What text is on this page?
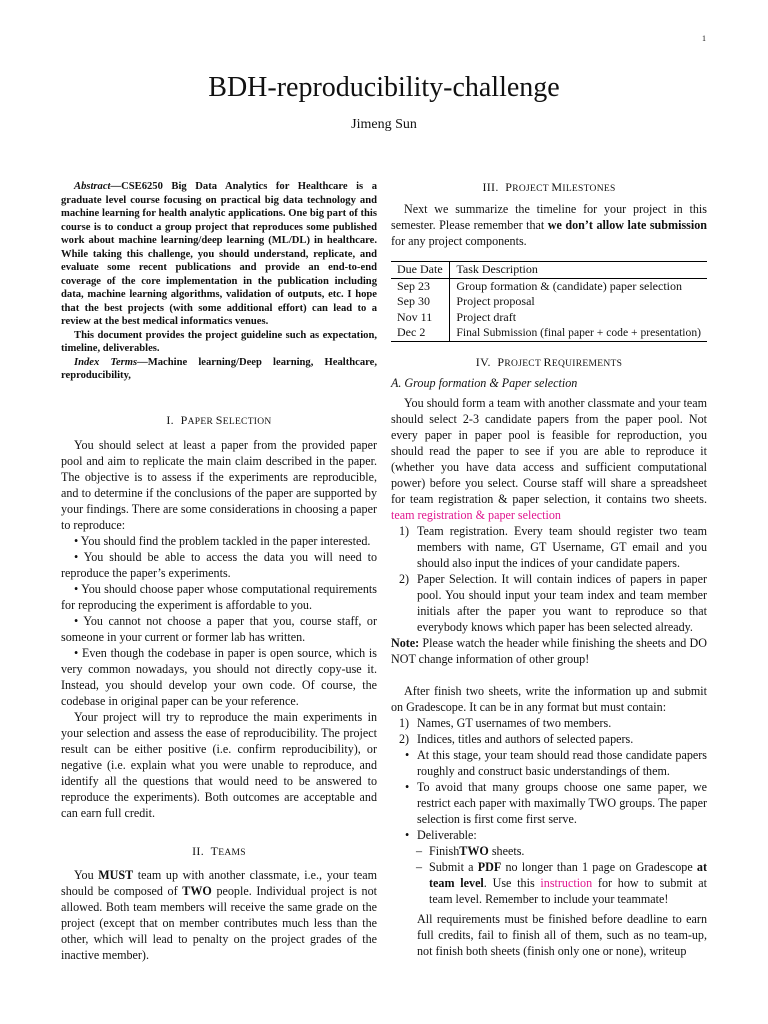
1
BDH-reproducibility-challenge
Jimeng Sun

Abstract—CSE6250 Big Data Analytics for Healthcare is a graduate level course focusing on practical big data technology and machine learning for health analytic applications. One big part of this course is to conduct a group project that reproduces some published work about machine learning/deep learning (ML/DL) in healthcare. While taking this challenge, you should understand, replicate, and evaluate some recent publications and provide an end-to-end coverage of the core implementation in the publication including data, machine learning algorithms, validation of outputs, etc. I hope that the best projects (with some additional effort) can lead to a review at the best medical informatics venues.

This document provides the project guideline such as expectation, timeline, deliverables.

Index Terms—Machine learning/Deep learning, Healthcare, reproducibility,

I. PAPER SELECTION

You should select at least a paper from the provided paper pool and aim to replicate the main claim described in the paper. The objective is to assess if the experiments are reproducible, and to determine if the conclusions of the paper are supported by your findings. There are some considerations in choosing a paper to reproduce:

• You should find the problem tackled in the paper interested.

• You should be able to access the data you will need to reproduce the paper’s experiments.

• You should choose paper whose computational requirements for reproducing the experiment is affordable to you.

• You cannot not choose a paper that you, course staff, or someone in your current or former lab has written.

• Even though the codebase in paper is open source, which is very common nowadays, you should not directly copy-use it. Instead, you should develop your own code. Of course, the codebase in original paper can be your reference.

Your project will try to reproduce the main experiments in your selection and assess the ease of reproducibility. The project result can be either positive (i.e. confirm reproducibility), or negative (i.e. explain what you were unable to reproduce, and identify all the questions that would need to be answered to reproduce the experiments). Both outcomes are acceptable and can earn full credit.

II. TEAMS

You MUST team up with another classmate, i.e., your team should be composed of TWO people. Individual project is not allowed. Both team members will receive the same grade on the project (except that on member contributes much less than the other, which will lead to penalty on the project grades of the inactive member).

III. PROJECT MILESTONES

Next we summarize the timeline for your project in this semester. Please remember that we don’t allow late submission for any project components.

Due Date	Task Description
Sep 23	Group formation & (candidate) paper selection
Sep 30	Project proposal
Nov 11	Project draft
Dec 2	Final Submission (final paper + code + presentation)

IV. PROJECT REQUIREMENTS

A. Group formation & Paper selection

You should form a team with another classmate and your team should select 2-3 candidate papers from the paper pool. Not every paper in paper pool is feasible for reproduction, you should read the paper to see if you are able to reproduce it (whether you have data access and sufficient computational power) before you select. Course staff will share a spreadsheet for team registration & paper selection, it contains two sheets. team registration & paper selection

1) Team registration. Every team should register two team members with name, GT Username, GT email and you should also input the indices of your candidate papers.
2) Paper Selection. It will contain indices of papers in paper pool. You should input your team index and team member initials after the paper you want to reproduce so that everybody knows which paper has been selected already.

Note: Please watch the header while finishing the sheets and DO NOT change information of other group!

After finish two sheets, write the information up and submit on Gradescope. It can be in any format but must contain:

1) Names, GT usernames of two members.
2) Indices, titles and authors of selected papers.
• At this stage, your team should read those candidate papers roughly and construct basic understandings of them.
• To avoid that many groups choose one same paper, we restrict each paper with maximally TWO groups. The paper selection is first come first serve.
• Deliverable:
– FinishTWO sheets.
– Submit a PDF no longer than 1 page on Gradescope at team level. Use this instruction for how to submit at team level. Remember to include your teammate!

All requirements must be finished before deadline to earn full credits, fail to finish all of them, such as no team-up, not finish both sheets (finish only one or none), writeup
